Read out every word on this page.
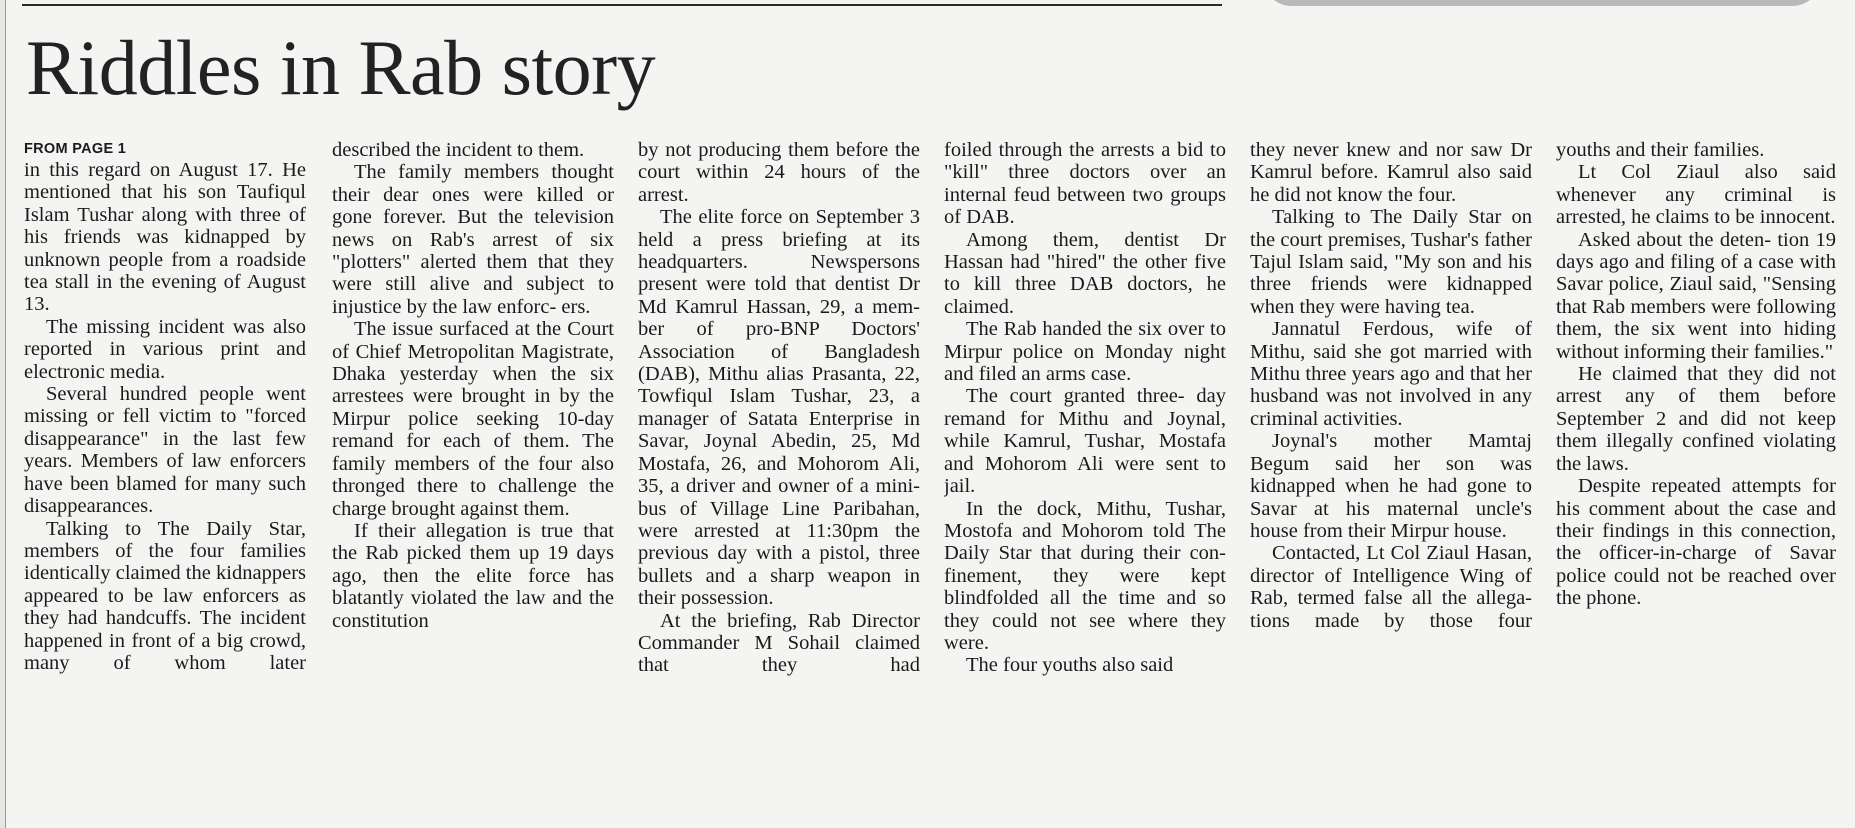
Riddles in Rab story
FROM PAGE 1

in this regard on August 17. He mentioned that his son Taufiqul Islam Tushar along with three of his friends was kidnapped by unknown people from a roadside tea stall in the evening of August 13.

The missing incident was also reported in various print and electronic media.

Several hundred people went missing or fell victim to "forced disappearance" in the last few years. Members of law enforcers have been blamed for many such disappearances.

Talking to The Daily Star, members of the four families identically claimed the kidnappers appeared to be law enforcers as they had handcuffs. The incident happened in front of a big crowd, many of whom later

described the incident to them.

The family members thought their dear ones were killed or gone forever. But the television news on Rab's arrest of six "plotters" alerted them that they were still alive and subject to injustice by the law enforc- ers.

The issue surfaced at the Court of Chief Metropolitan Magistrate, Dhaka yesterday when the six arrestees were brought in by the Mirpur police seeking 10-day remand for each of them. The family members of the four also thronged there to challenge the charge brought against them.

If their allegation is true that the Rab picked them up 19 days ago, then the elite force has blatantly violated the law and the constitution

by not producing them before the court within 24 hours of the arrest.

The elite force on September 3 held a press briefing at its headquarters. Newspersons present were told that dentist Dr Md Kamrul Hassan, 29, a mem- ber of pro-BNP Doctors' Association of Bangladesh (DAB), Mithu alias Prasanta, 22, Towfiqul Islam Tushar, 23, a manager of Satata Enterprise in Savar, Joynal Abedin, 25, Md Mostafa, 26, and Mohorom Ali, 35, a driver and owner of a mini- bus of Village Line Paribahan, were arrested at 11:30pm the previous day with a pistol, three bullets and a sharp weapon in their possession.

At the briefing, Rab Director Commander M Sohail claimed that they had

foiled through the arrests a bid to "kill" three doctors over an internal feud between two groups of DAB.

Among them, dentist Dr Hassan had "hired" the other five to kill three DAB doctors, he claimed.

The Rab handed the six over to Mirpur police on Monday night and filed an arms case.

The court granted three- day remand for Mithu and Joynal, while Kamrul, Tushar, Mostafa and Mohorom Ali were sent to jail.

In the dock, Mithu, Tushar, Mostofa and Mohorom told The Daily Star that during their con- finement, they were kept blindfolded all the time and so they could not see where they were.

The four youths also said

they never knew and nor saw Dr Kamrul before. Kamrul also said he did not know the four.

Talking to The Daily Star on the court premises, Tushar's father Tajul Islam said, "My son and his three friends were kidnapped when they were having tea.

Jannatul Ferdous, wife of Mithu, said she got married with Mithu three years ago and that her husband was not involved in any criminal activities.

Joynal's mother Mamtaj Begum said her son was kidnapped when he had gone to Savar at his maternal uncle's house from their Mirpur house.

Contacted, Lt Col Ziaul Hasan, director of Intelligence Wing of Rab, termed false all the allega- tions made by those four

youths and their families.

Lt Col Ziaul also said whenever any criminal is arrested, he claims to be innocent.

Asked about the deten- tion 19 days ago and filing of a case with Savar police, Ziaul said, "Sensing that Rab members were following them, the six went into hiding without informing their families."

He claimed that they did not arrest any of them before September 2 and did not keep them illegally confined violating the laws.

Despite repeated attempts for his comment about the case and their findings in this connection, the officer-in-charge of Savar police could not be reached over the phone.
